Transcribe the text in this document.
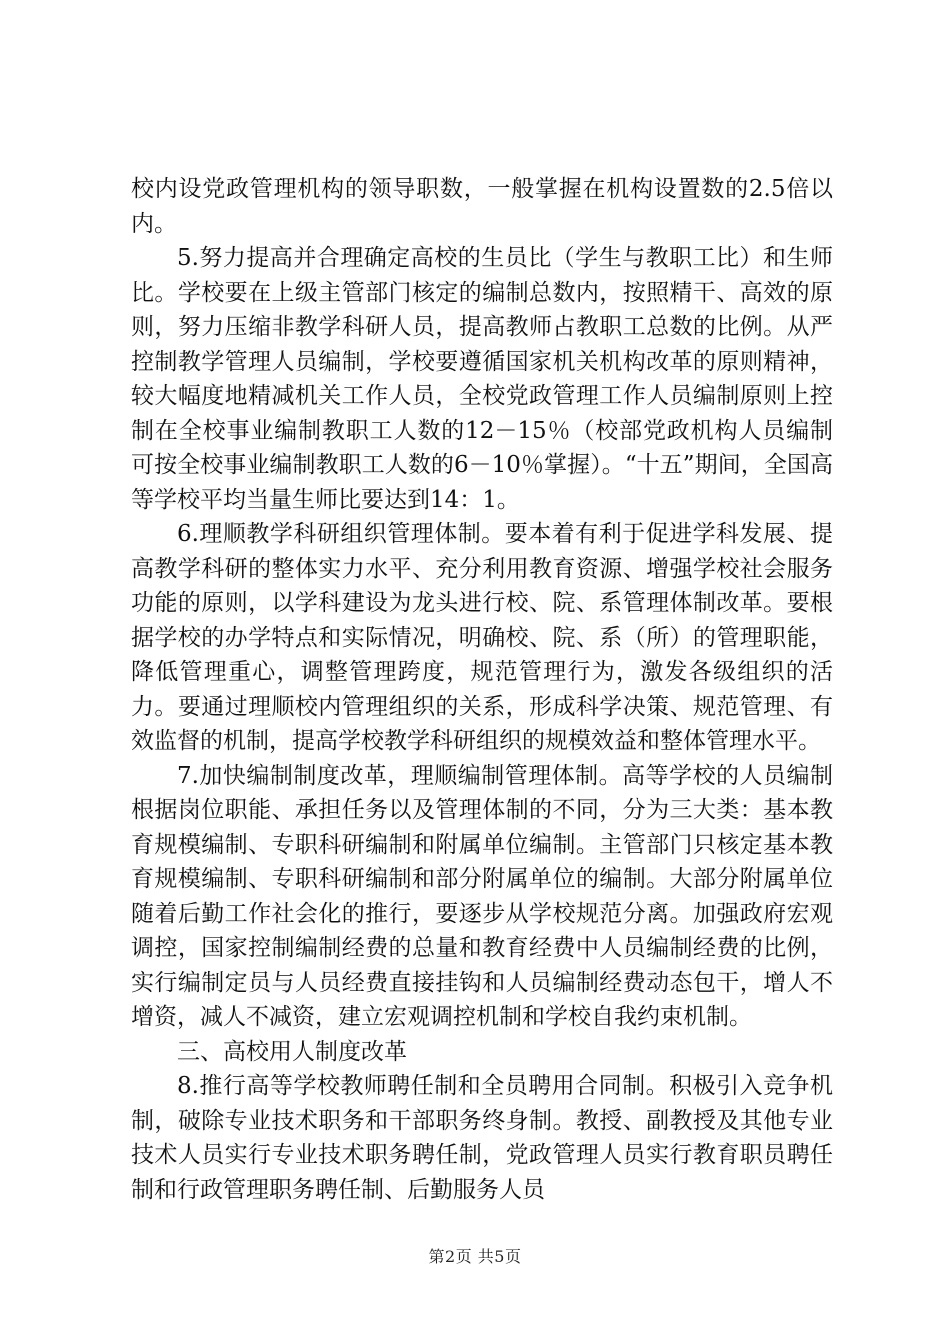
校内设党政管理机构的领导职数，一般掌握在机构设置数的2.5倍以内。

5.努力提高并合理确定高校的生员比（学生与教职工比）和生师比。学校要在上级主管部门核定的编制总数内，按照精干、高效的原则，努力压缩非教学科研人员，提高教师占教职工总数的比例。从严控制教学管理人员编制，学校要遵循国家机关机构改革的原则精神，较大幅度地精减机关工作人员，全校党政管理工作人员编制原则上控制在全校事业编制教职工人数的12－15％（校部党政机构人员编制可按全校事业编制教职工人数的6－10％掌握）。“十五”期间，全国高等学校平均当量生师比要达到14：1。

6.理顺教学科研组织管理体制。要本着有利于促进学科发展、提高教学科研的整体实力水平、充分利用教育资源、增强学校社会服务功能的原则，以学科建设为龙头进行校、院、系管理体制改革。要根据学校的办学特点和实际情况，明确校、院、系（所）的管理职能，降低管理重心，调整管理跨度，规范管理行为，激发各级组织的活力。要通过理顺校内管理组织的关系，形成科学决策、规范管理、有效监督的机制，提高学校教学科研组织的规模效益和整体管理水平。

7.加快编制制度改革，理顺编制管理体制。高等学校的人员编制根据岗位职能、承担任务以及管理体制的不同，分为三大类：基本教育规模编制、专职科研编制和附属单位编制。主管部门只核定基本教育规模编制、专职科研编制和部分附属单位的编制。大部分附属单位随着后勤工作社会化的推行，要逐步从学校规范分离。加强政府宏观调控，国家控制编制经费的总量和教育经费中人员编制经费的比例，实行编制定员与人员经费直接挂钩和人员编制经费动态包干，增人不增资，减人不减资，建立宏观调控机制和学校自我约束机制。

三、高校用人制度改革

8.推行高等学校教师聘任制和全员聘用合同制。积极引入竞争机制，破除专业技术职务和干部职务终身制。教授、副教授及其他专业技术人员实行专业技术职务聘任制，党政管理人员实行教育职员聘任制和行政管理职务聘任制、后勤服务人员

第2页 共5页
